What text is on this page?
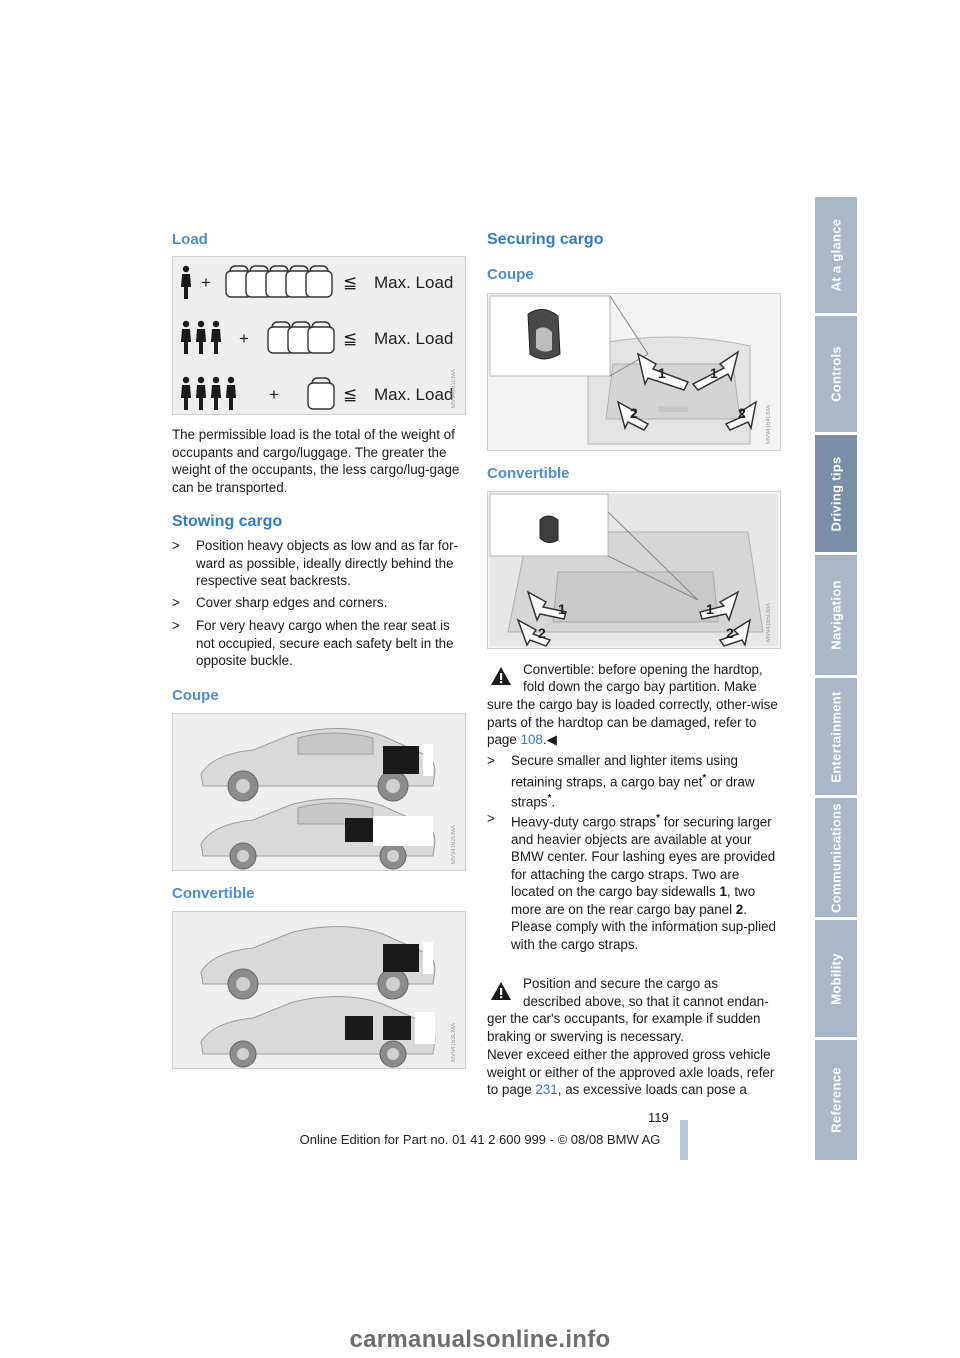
At a glance
Controls
Driving tips
Navigation
Entertainment
Communications
Mobility
Reference
Load
+	≦ Max. Load
+	≦ Max. Load
+	≦ Max. Load
MV94161CMA
The permissible load is the total of the weight of occupants and cargo/luggage. The greater the weight of the occupants, the less cargo/lug-gage can be transported.
Stowing cargo
> Position heavy objects as low and as far for-ward as possible, ideally directly behind the respective seat backrests.
> Cover sharp edges and corners.
> For very heavy cargo when the rear seat is not occupied, secure each safety belt in the opposite buckle.
Coupe
MV94162CMA
Convertible
MV94163CMA
Securing cargo
Coupe
1	1
2	2	MV94164CMA
Convertible
1	1
2	2	MV94165CMA
Convertible: before opening the hardtop,
fold down the cargo bay partition. Make
sure the cargo bay is loaded correctly, other-wise parts of the hardtop can be damaged, refer to page 108.◀
> Secure smaller and lighter items using retaining straps, a cargo bay net* or draw straps*.
> Heavy-duty cargo straps* for securing larger and heavier objects are available at your BMW center. Four lashing eyes are provided for attaching the cargo straps. Two are located on the cargo bay sidewalls 1, two more are on the rear cargo bay panel 2.
Please comply with the information sup-plied with the cargo straps.
Position and secure the cargo as
described above, so that it cannot endan-
ger the car's occupants, for example if sudden braking or swerving is necessary.
Never exceed either the approved gross vehicle weight or either of the approved axle loads, refer to page 231, as excessive loads can pose a
119
Online Edition for Part no. 01 41 2 600 999 - © 08/08 BMW AG
carmanualsonline.info
